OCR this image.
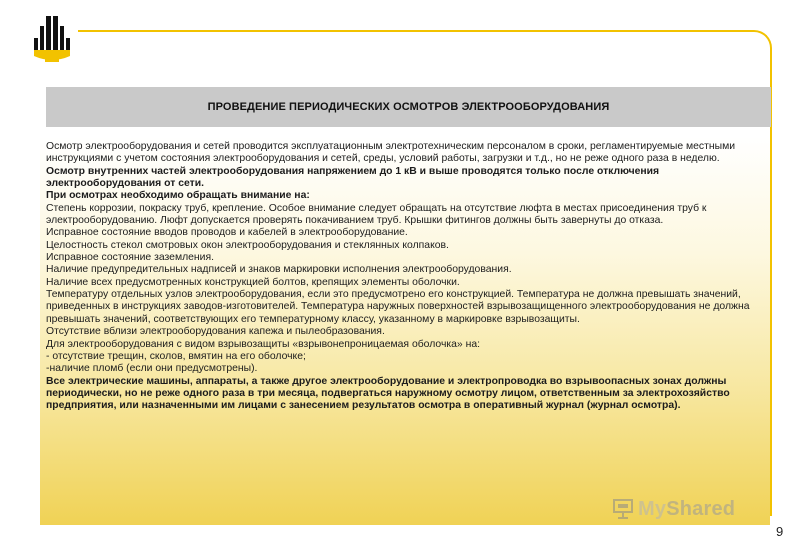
ПРОВЕДЕНИЕ ПЕРИОДИЧЕСКИХ ОСМОТРОВ ЭЛЕКТРООБОРУДОВАНИЯ

Осмотр электрооборудования и сетей проводится эксплуатационным электротехническим персоналом в сроки, регламентируемые местными инструкциями с учетом состояния электрооборудования и сетей, среды, условий работы, загрузки и т.д., но не реже одного раза в неделю.

Осмотр внутренних частей электрооборудования напряжением до 1 кВ и выше проводятся только после отключения электрооборудования от сети.

При осмотрах необходимо обращать внимание на:

Степень коррозии, покраску труб, крепление. Особое внимание следует обращать на отсутствие люфта в местах присоединения труб к электрооборудованию. Люфт допускается проверять покачиванием труб. Крышки фитингов должны быть завернуты до отказа.

Исправное состояние вводов проводов и кабелей в электрооборудование.

Целостность стекол смотровых окон электрооборудования и стеклянных колпаков.

Исправное состояние заземления.

Наличие предупредительных надписей и знаков маркировки исполнения электрооборудования.

Наличие всех предусмотренных конструкцией болтов, крепящих элементы оболочки.

Температуру отдельных узлов электрооборудования, если это предусмотрено его конструкцией. Температура не должна превышать значений, приведенных в инструкциях заводов-изготовителей. Температура наружных поверхностей взрывозащищенного электрооборудования не должна превышать значений, соответствующих его температурному классу, указанному в маркировке взрывозащиты.

Отсутствие вблизи электрооборудования капежа и пылеобразования.

Для электрооборудования с видом взрывозащиты «взрывонепроницаемая оболочка» на:

- отсутствие трещин, сколов, вмятин на его оболочке;

-наличие пломб (если они предусмотрены).

Все электрические машины, аппараты, а также другое электрооборудование и электропроводка во взрывоопасных зонах должны периодически, но не реже одного раза в три месяца, подвергаться наружному осмотру лицом, ответственным за электрохозяйство предприятия, или назначенными им лицами с занесением результатов осмотра в оперативный журнал (журнал осмотра).

MyShared
9
